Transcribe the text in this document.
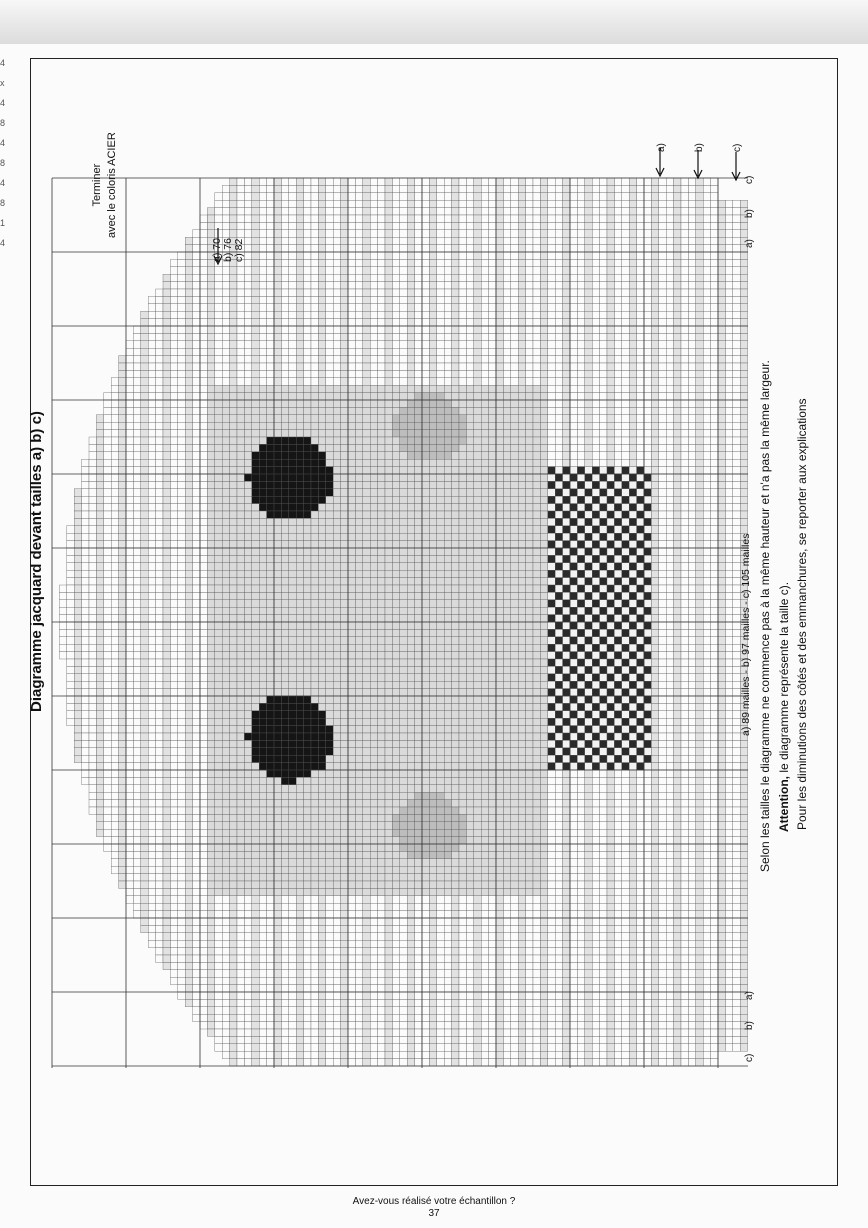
4
x
4
8
4
8
4
8
1
4
Diagramme jacquard devant tailles a) b) c)
Terminer avec le coloris ACIER
a) 70 b) 76 c) 82
a)
b)
c)
a)
b)
c)
a)	b)	c)
a) 89 mailles - b) 97 mailles - c) 105 mailles Selon les tailles le diagramme ne commence pas à la même hauteur et n'a pas la même largeur. Attention, le diagramme représente la taille c). Pour les diminutions des côtés et des emmanchures, se reporter aux explications
Avez-vous réalisé votre échantillon ?
37
